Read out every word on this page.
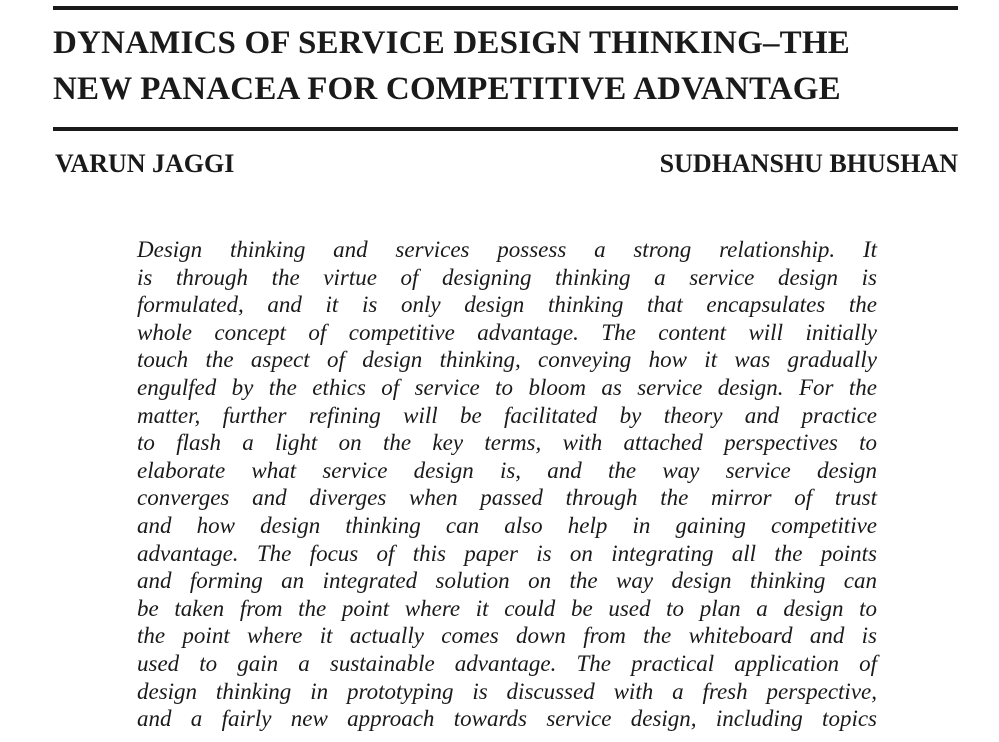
DYNAMICS OF SERVICE DESIGN THINKING–THE
NEW PANACEA FOR COMPETITIVE ADVANTAGE

VARUN JAGGI	SUDHANSHU BHUSHAN

Design thinking and services possess a strong relationship. It
is through the virtue of designing thinking a service design is
formulated, and it is only design thinking that encapsulates the
whole concept of competitive advantage. The content will initially
touch the aspect of design thinking, conveying how it was gradually
engulfed by the ethics of service to bloom as service design. For the
matter, further refining will be facilitated by theory and practice
to flash a light on the key terms, with attached perspectives to
elaborate what service design is, and the way service design
converges and diverges when passed through the mirror of trust
and how design thinking can also help in gaining competitive
advantage. The focus of this paper is on integrating all the points
and forming an integrated solution on the way design thinking can
be taken from the point where it could be used to plan a design to
the point where it actually comes down from the whiteboard and is
used to gain a sustainable advantage. The practical application of
design thinking in prototyping is discussed with a fresh perspective,
and a fairly new approach towards service design, including topics
